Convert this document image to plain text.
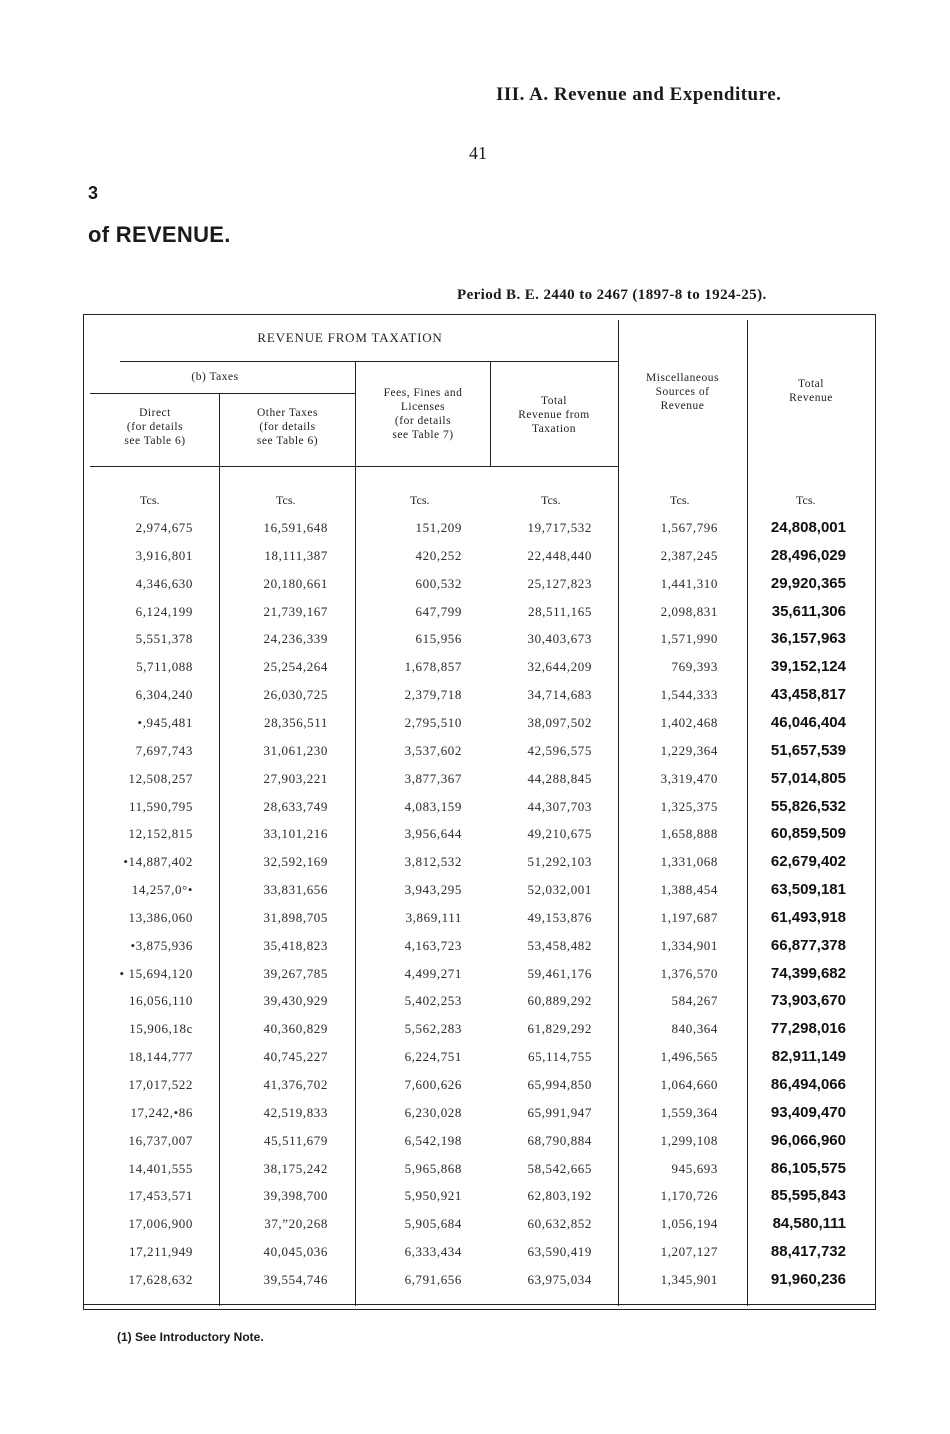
III. A. Revenue and Expenditure.
41
3
of REVENUE.
Period B. E. 2440 to 2467 (1897-8 to 1924-25).
REVENUE FROM TAXATION
(b) Taxes
Direct
(for details
see Table 6)
Other Taxes
(for details
see Table 6)
Fees, Fines and
Licenses
(for details
see Table 7)
Total
Revenue from
Taxation
Miscellaneous
Sources of
Revenue
Total
Revenue
Tcs.	Tcs.	Tcs.	Tcs.	Tcs.	Tcs.
2,974,675	16,591,648	151,209	19,717,532	1,567,796	24,808,001
3,916,801	18,111,387	420,252	22,448,440	2,387,245	28,496,029
4,346,630	20,180,661	600,532	25,127,823	1,441,310	29,920,365
6,124,199	21,739,167	647,799	28,511,165	2,098,831	35,611,306
5,551,378	24,236,339	615,956	30,403,673	1,571,990	36,157,963
5,711,088	25,254,264	1,678,857	32,644,209	769,393	39,152,124
6,304,240	26,030,725	2,379,718	34,714,683	1,544,333	43,458,817
•,945,481	28,356,511	2,795,510	38,097,502	1,402,468	46,046,404
7,697,743	31,061,230	3,537,602	42,596,575	1,229,364	51,657,539
12,508,257	27,903,221	3,877,367	44,288,845	3,319,470	57,014,805
11,590,795	28,633,749	4,083,159	44,307,703	1,325,375	55,826,532
12,152,815	33,101,216	3,956,644	49,210,675	1,658,888	60,859,509
•14,887,402	32,592,169	3,812,532	51,292,103	1,331,068	62,679,402
14,257,0°•	33,831,656	3,943,295	52,032,001	1,388,454	63,509,181
13,386,060	31,898,705	3,869,111	49,153,876	1,197,687	61,493,918
•3,875,936	35,418,823	4,163,723	53,458,482	1,334,901	66,877,378
• 15,694,120	39,267,785	4,499,271	59,461,176	1,376,570	74,399,682
16,056,110	39,430,929	5,402,253	60,889,292	584,267	73,903,670
15,906,18c	40,360,829	5,562,283	61,829,292	840,364	77,298,016
18,144,777	40,745,227	6,224,751	65,114,755	1,496,565	82,911,149
17,017,522	41,376,702	7,600,626	65,994,850	1,064,660	86,494,066
17,242,•86	42,519,833	6,230,028	65,991,947	1,559,364	93,409,470
16,737,007	45,511,679	6,542,198	68,790,884	1,299,108	96,066,960
14,401,555	38,175,242	5,965,868	58,542,665	945,693	86,105,575
17,453,571	39,398,700	5,950,921	62,803,192	1,170,726	85,595,843
17,006,900	37,”20,268	5,905,684	60,632,852	1,056,194	84,580,111
17,211,949	40,045,036	6,333,434	63,590,419	1,207,127	88,417,732
17,628,632	39,554,746	6,791,656	63,975,034	1,345,901	91,960,236
(1) See Introductory Note.
